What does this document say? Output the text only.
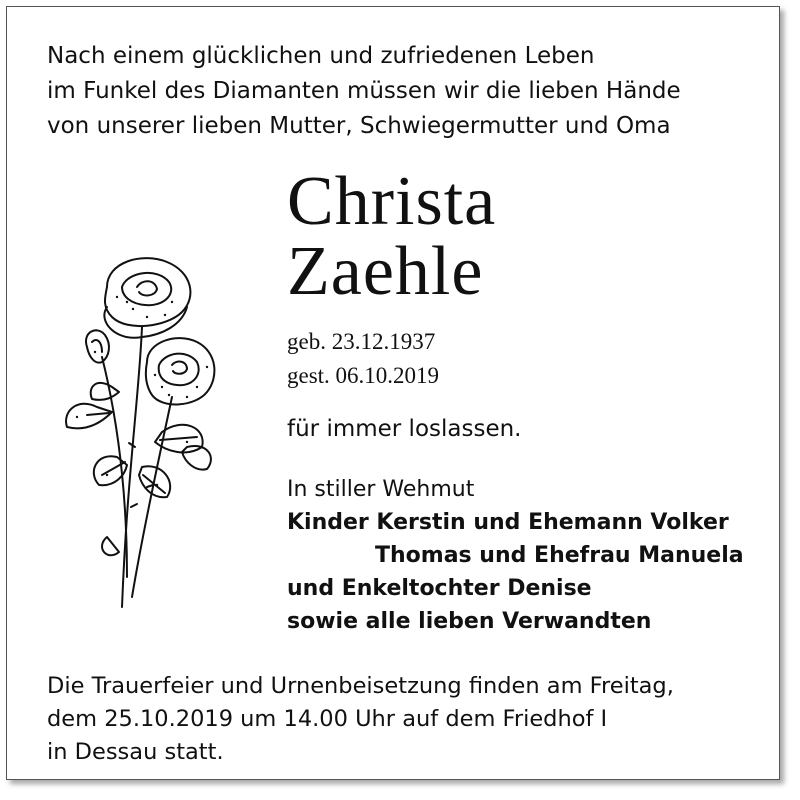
Nach einem glücklichen und zufriedenen Leben
im Funkel des Diamanten müssen wir die lieben Hände
von unserer lieben Mutter, Schwiegermutter und Oma
Christa
Zaehle
geb. 23.12.1937
gest. 06.10.2019
für immer loslassen.
In stiller Wehmut
Kinder Kerstin und Ehemann Volker
Thomas und Ehefrau Manuela
und Enkeltochter Denise
sowie alle lieben Verwandten
Die Trauerfeier und Urnenbeisetzung finden am Freitag,
dem 25.10.2019 um 14.00 Uhr auf dem Friedhof I
in Dessau statt.
